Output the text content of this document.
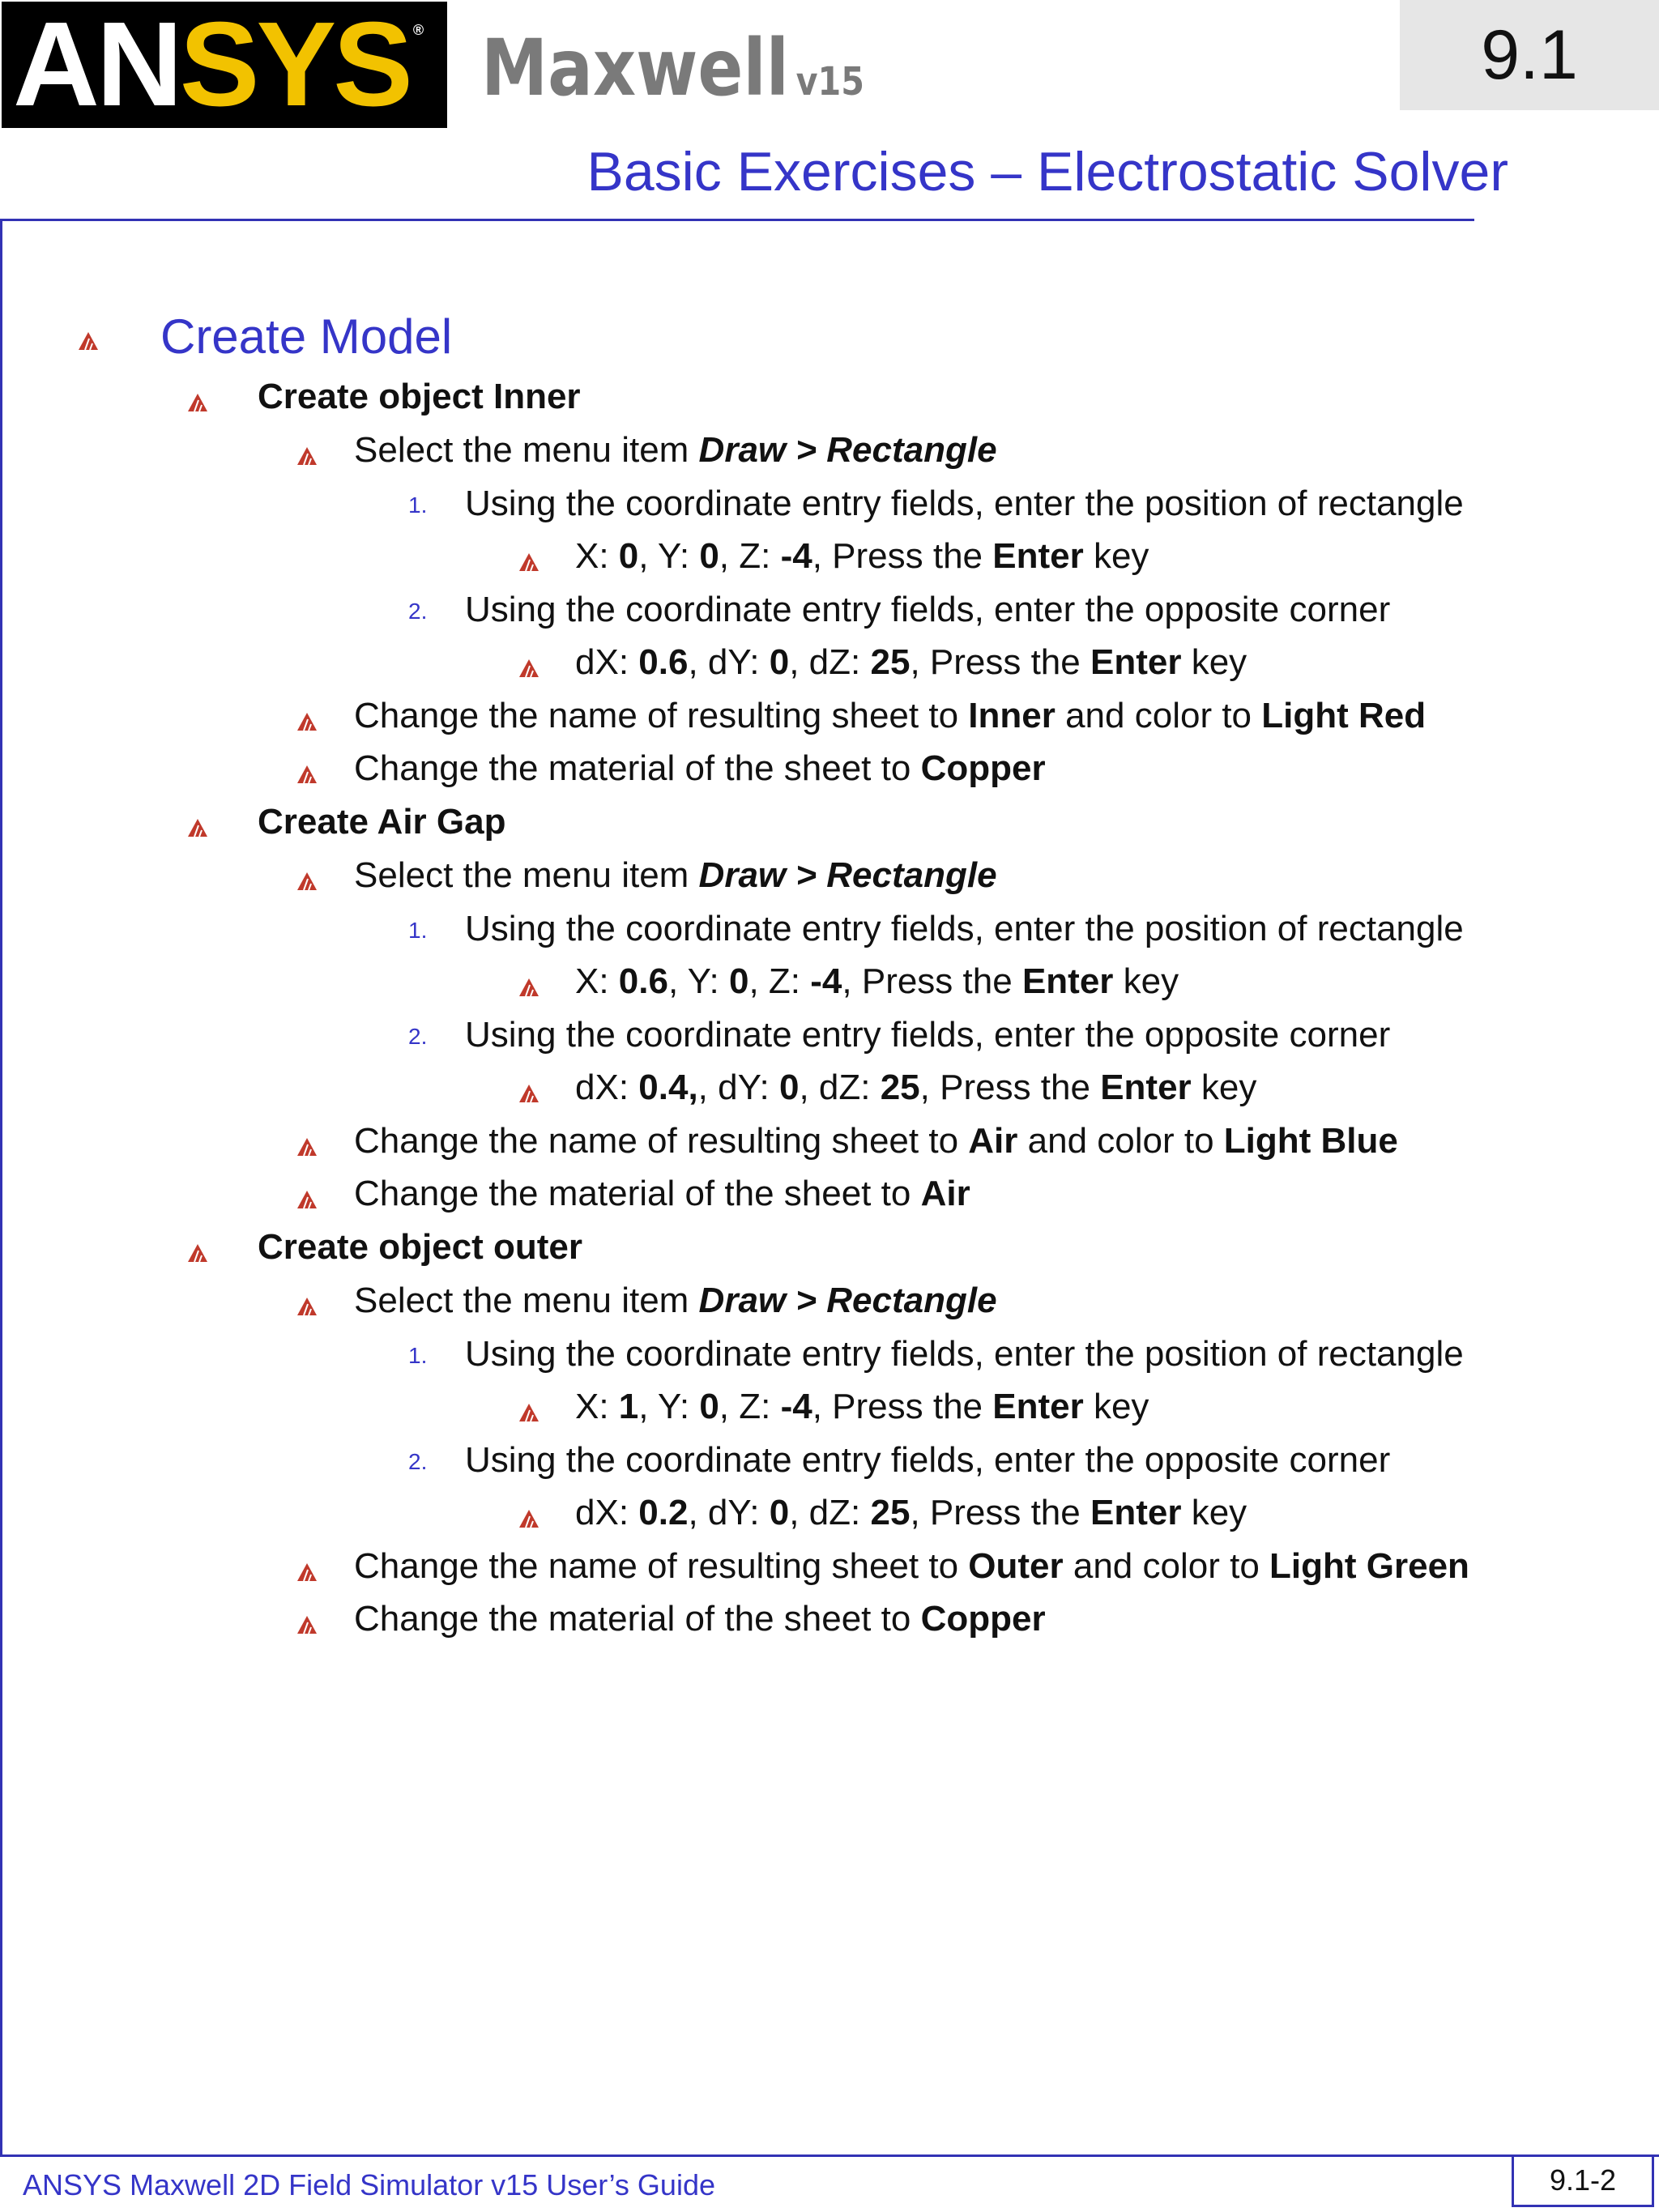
ANSYS ® Maxwell v15	9.1
Basic Exercises – Electrostatic Solver
Create Model
Create object Inner
Select the menu item Draw > Rectangle
1. Using the coordinate entry fields, enter the position of rectangle
X: 0, Y: 0, Z: -4, Press the Enter key
2. Using the coordinate entry fields, enter the opposite corner
dX: 0.6, dY: 0, dZ: 25, Press the Enter key
Change the name of resulting sheet to Inner and color to Light Red
Change the material of the sheet to Copper
Create Air Gap
Select the menu item Draw > Rectangle
1. Using the coordinate entry fields, enter the position of rectangle
X: 0.6, Y: 0, Z: -4, Press the Enter key
2. Using the coordinate entry fields, enter the opposite corner
dX: 0.4,, dY: 0, dZ: 25, Press the Enter key
Change the name of resulting sheet to Air and color to Light Blue
Change the material of the sheet to Air
Create object outer
Select the menu item Draw > Rectangle
1. Using the coordinate entry fields, enter the position of rectangle
X: 1, Y: 0, Z: -4, Press the Enter key
2. Using the coordinate entry fields, enter the opposite corner
dX: 0.2, dY: 0, dZ: 25, Press the Enter key
Change the name of resulting sheet to Outer and color to Light Green
Change the material of the sheet to Copper
ANSYS Maxwell 2D Field Simulator v15 User’s Guide	9.1-2
